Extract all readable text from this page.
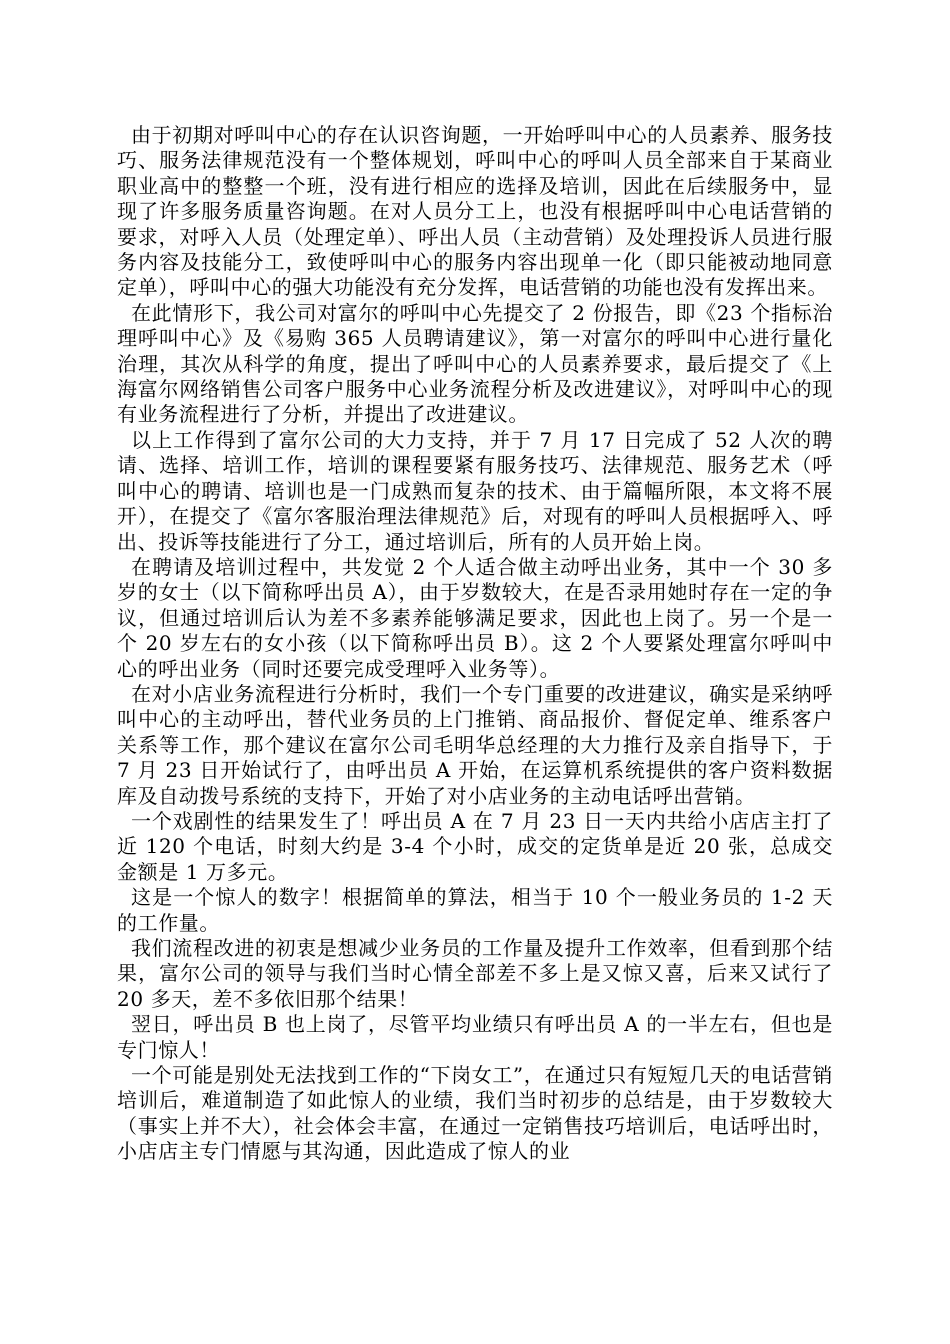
由于初期对呼叫中心的存在认识咨询题，一开始呼叫中心的人员素养、服务技巧、服务法律规范没有一个整体规划，呼叫中心的呼叫人员全部来自于某商业职业高中的整整一个班，没有进行相应的选择及培训，因此在后续服务中，显现了许多服务质量咨询题。在对人员分工上，也没有根据呼叫中心电话营销的要求，对呼入人员（处理定单）、呼出人员（主动营销）及处理投诉人员进行服务内容及技能分工，致使呼叫中心的服务内容出现单一化（即只能被动地同意定单），呼叫中心的强大功能没有充分发挥，电话营销的功能也没有发挥出来。

在此情形下，我公司对富尔的呼叫中心先提交了 2 份报告，即《23 个指标治理呼叫中心》及《易购 365 人员聘请建议》，第一对富尔的呼叫中心进行量化治理，其次从科学的角度，提出了呼叫中心的人员素养要求，最后提交了《上海富尔网络销售公司客户服务中心业务流程分析及改进建议》，对呼叫中心的现有业务流程进行了分析，并提出了改进建议。

以上工作得到了富尔公司的大力支持，并于 7 月 17 日完成了 52 人次的聘请、选择、培训工作，培训的课程要紧有服务技巧、法律规范、服务艺术（呼叫中心的聘请、培训也是一门成熟而复杂的技术、由于篇幅所限，本文将不展开），在提交了《富尔客服治理法律规范》后，对现有的呼叫人员根据呼入、呼出、投诉等技能进行了分工，通过培训后，所有的人员开始上岗。

在聘请及培训过程中，共发觉 2 个人适合做主动呼出业务，其中一个 30 多岁的女士（以下简称呼出员 A），由于岁数较大，在是否录用她时存在一定的争议，但通过培训后认为差不多素养能够满足要求，因此也上岗了。另一个是一个 20 岁左右的女小孩（以下简称呼出员 B）。这 2 个人要紧处理富尔呼叫中心的呼出业务（同时还要完成受理呼入业务等）。

在对小店业务流程进行分析时，我们一个专门重要的改进建议，确实是采纳呼叫中心的主动呼出，替代业务员的上门推销、商品报价、督促定单、维系客户关系等工作，那个建议在富尔公司毛明华总经理的大力推行及亲自指导下，于 7 月 23 日开始试行了，由呼出员 A 开始，在运算机系统提供的客户资料数据库及自动拨号系统的支持下，开始了对小店业务的主动电话呼出营销。

一个戏剧性的结果发生了！呼出员 A 在 7 月 23 日一天内共给小店店主打了近 120 个电话，时刻大约是 3-4 个小时，成交的定货单是近 20 张，总成交金额是 1 万多元。

这是一个惊人的数字！根据简单的算法，相当于 10 个一般业务员的 1-2 天的工作量。

我们流程改进的初衷是想减少业务员的工作量及提升工作效率，但看到那个结果，富尔公司的领导与我们当时心情全部差不多上是又惊又喜，后来又试行了 20 多天，差不多依旧那个结果！

翌日，呼出员 B 也上岗了，尽管平均业绩只有呼出员 A 的一半左右，但也是专门惊人！

一个可能是别处无法找到工作的“下岗女工”，在通过只有短短几天的电话营销培训后，难道制造了如此惊人的业绩，我们当时初步的总结是，由于岁数较大（事实上并不大），社会体会丰富，在通过一定销售技巧培训后，电话呼出时，小店店主专门情愿与其沟通，因此造成了惊人的业
